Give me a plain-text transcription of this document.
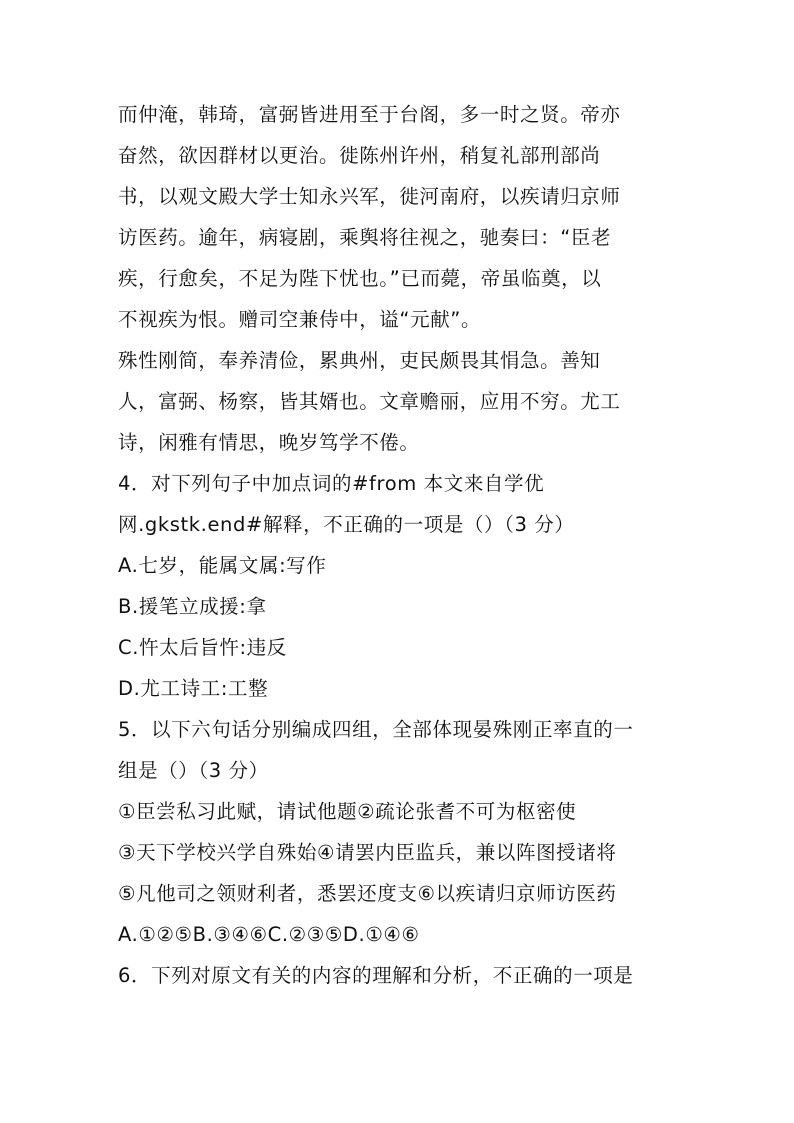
而仲淹，韩琦，富弼皆进用至于台阁，多一时之贤。帝亦
奋然，欲因群材以更治。徙陈州许州，稍复礼部刑部尚
书，以观文殿大学士知永兴军，徙河南府，以疾请归京师
访医药。逾年，病寝剧，乘舆将往视之，驰奏曰：“臣老
疾，行愈矣，不足为陛下忧也。”已而薨，帝虽临奠，以
不视疾为恨。赠司空兼侍中，谥“元献”。
殊性刚简，奉养清俭，累典州，吏民颇畏其悁急。善知
人，富弼、杨察，皆其婿也。文章赡丽，应用不穷。尤工
诗，闲雅有情思，晚岁笃学不倦。
4．对下列句子中加点词的#from 本文来自学优
网.gkstk.end#解释，不正确的一项是（）（3 分）
A.七岁，能属文属:写作
B.援笔立成援:拿
C.忤太后旨忤:违反
D.尤工诗工:工整
5．以下六句话分别编成四组，全部体现晏殊刚正率直的一
组是（）（3 分）
①臣尝私习此赋，请试他题②疏论张耆不可为枢密使
③天下学校兴学自殊始④请罢内臣监兵，兼以阵图授诸将
⑤凡他司之领财利者，悉罢还度支⑥以疾请归京师访医药
A.①②⑤B.③④⑥C.②③⑤D.①④⑥
6．下列对原文有关的内容的理解和分析，不正确的一项是
